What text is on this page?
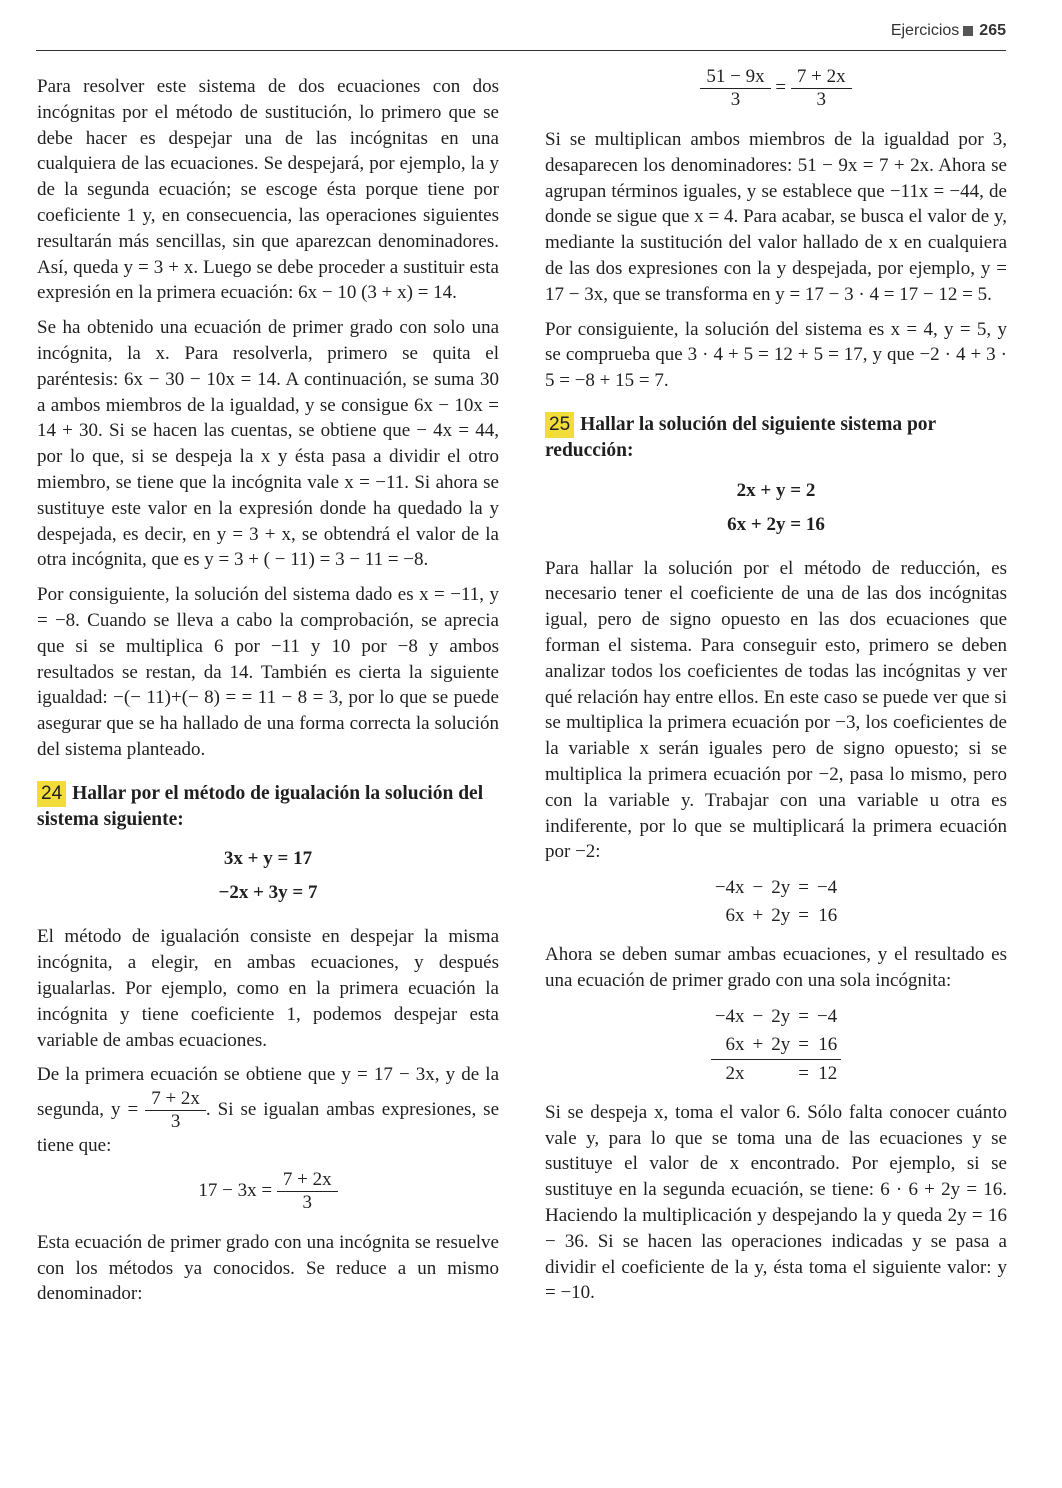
Ejercicios 265

Para resolver este sistema de dos ecuaciones con dos incógnitas por el método de sustitución, lo primero que se debe hacer es despejar una de las incógnitas en una cualquiera de las ecuaciones. Se despejará, por ejemplo, la y de la segunda ecuación; se escoge ésta porque tiene por coeficiente 1 y, en consecuencia, las operaciones siguientes resultarán más sencillas, sin que aparezcan denominadores. Así, queda y = 3 + x. Luego se debe proceder a sustituir esta expresión en la primera ecuación: 6x − 10 (3 + x) = 14.

Se ha obtenido una ecuación de primer grado con solo una incógnita, la x. Para resolverla, primero se quita el paréntesis: 6x − 30 − 10x = 14. A continuación, se suma 30 a ambos miembros de la igualdad, y se consigue 6x − 10x = 14 + 30. Si se hacen las cuentas, se obtiene que − 4x = 44, por lo que, si se despeja la x y ésta pasa a dividir el otro miembro, se tiene que la incógnita vale x = −11. Si ahora se sustituye este valor en la expresión donde ha quedado la y despejada, es decir, en y = 3 + x, se obtendrá el valor de la otra incógnita, que es y = 3 + ( − 11) = 3 − 11 = −8.

Por consiguiente, la solución del sistema dado es x = −11, y = −8. Cuando se lleva a cabo la comprobación, se aprecia que si se multiplica 6 por −11 y 10 por −8 y ambos resultados se restan, da 14. También es cierta la siguiente igualdad: −(− 11)+(− 8) = = 11 − 8 = 3, por lo que se puede asegurar que se ha hallado de una forma correcta la solución del sistema planteado.

24 Hallar por el método de igualación la solución del sistema siguiente:
3x + y = 17
−2x + 3y = 7

El método de igualación consiste en despejar la misma incógnita, a elegir, en ambas ecuaciones, y después igualarlas. Por ejemplo, como en la primera ecuación la incógnita y tiene coeficiente 1, podemos despejar esta variable de ambas ecuaciones.

De la primera ecuación se obtiene que y = 17 − 3x, y de la segunda, $y = \frac{7 + 2x}{3}$ . Si se igualan ambas expresiones, se tiene que:

$17 - 3x = \frac{7 + 2x}{3}$

Esta ecuación de primer grado con una incógnita se resuelve con los métodos ya conocidos. Se reduce a un mismo denominador:

$\frac{51 - 9x}{3} = \frac{7 + 2x}{3}$

Si se multiplican ambos miembros de la igualdad por 3, desaparecen los denominadores: 51 − 9x = 7 + 2x. Ahora se agrupan términos iguales, y se establece que −11x = −44, de donde se sigue que x = 4. Para acabar, se busca el valor de y, mediante la sustitución del valor hallado de x en cualquiera de las dos expresiones con la y despejada, por ejemplo, y = 17 − 3x, que se transforma en y = 17 − 3 · 4 = 17 − 12 = 5.

Por consiguiente, la solución del sistema es x = 4, y = 5, y se comprueba que 3 · 4 + 5 = 12 + 5 = 17, y que −2 · 4 + 3 · 5 = −8 + 15 = 7.

25 Hallar la solución del siguiente sistema por reducción:
2x + y = 2
6x + 2y = 16

Para hallar la solución por el método de reducción, es necesario tener el coeficiente de una de las dos incógnitas igual, pero de signo opuesto en las dos ecuaciones que forman el sistema. Para conseguir esto, primero se deben analizar todos los coeficientes de todas las incógnitas y ver qué relación hay entre ellos. En este caso se puede ver que si se multiplica la primera ecuación por −3, los coeficientes de la variable x serán iguales pero de signo opuesto; si se multiplica la primera ecuación por −2, pasa lo mismo, pero con la variable y. Trabajar con una variable u otra es indiferente, por lo que se multiplicará la primera ecuación por −2:

−4x	−	2y	=	−4
6x	+	2y	=	16

Ahora se deben sumar ambas ecuaciones, y el resultado es una ecuación de primer grado con una sola incógnita:

−4x	−	2y	=	−4
6x	+	2y	=	16
2x			=	12

Si se despeja x, toma el valor 6. Sólo falta conocer cuánto vale y, para lo que se toma una de las ecuaciones y se sustituye el valor de x encontrado. Por ejemplo, si se sustituye en la segunda ecuación, se tiene: 6 · 6 + 2y = 16. Haciendo la multiplicación y despejando la y queda 2y = 16 − 36. Si se hacen las operaciones indicadas y se pasa a dividir el coeficiente de la y, ésta toma el siguiente valor: y = −10.
